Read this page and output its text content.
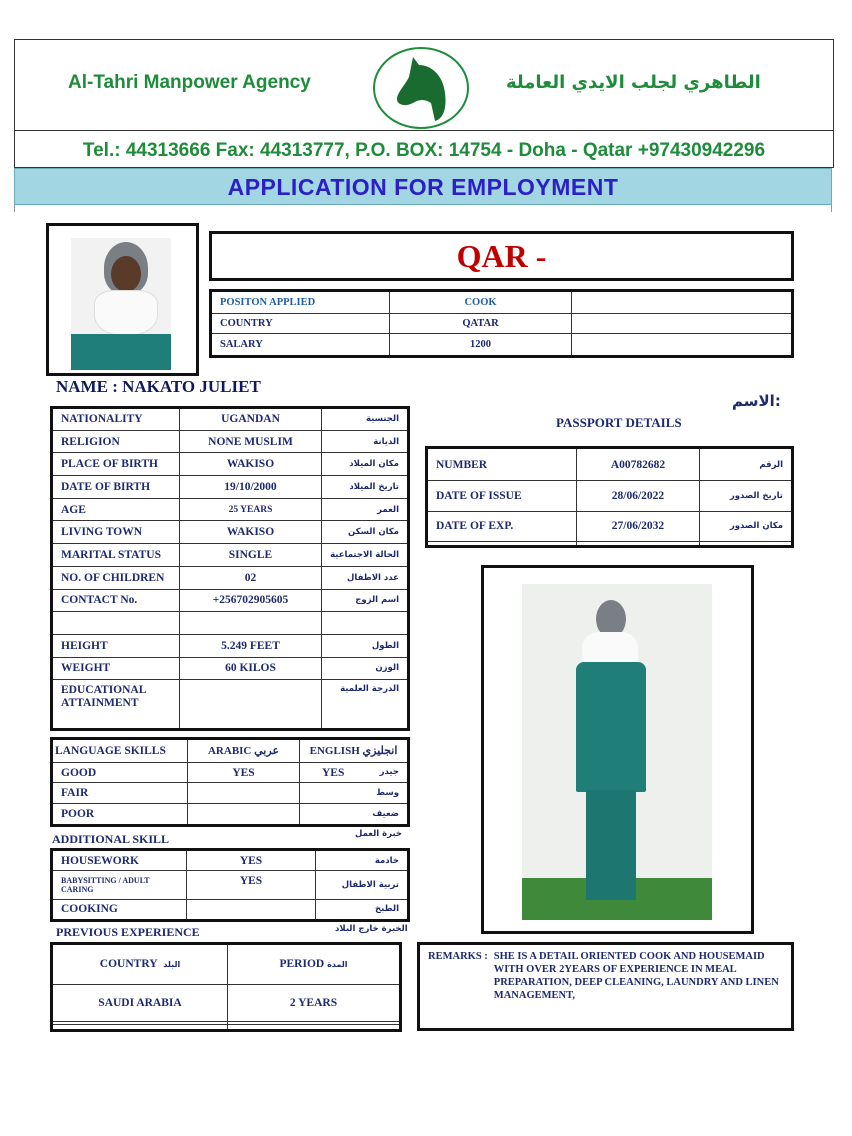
Al-Tahri Manpower Agency	الطاهري لجلب الايدي العاملة
Tel.: 44313666 Fax: 44313777, P.O. BOX: 14754 - Doha - Qatar +97430942296
APPLICATION FOR EMPLOYMENT
QAR -
POSITON APPLIED	COOK	
COUNTRY	QATAR	
SALARY	1200	
NAME : NAKATO JULIET
الاسم:
NATIONALITY	UGANDAN	الجنسية
RELIGION	NONE MUSLIM	الديانة
PLACE OF BIRTH	WAKISO	مكان الميلاد
DATE OF BIRTH	19/10/2000	تاريخ الميلاد
AGE	25 YEARS	العمر
LIVING TOWN	WAKISO	مكان السكن
MARITAL STATUS	SINGLE	الحالة الاجتماعية
NO. OF CHILDREN	02	عدد الاطفال
CONTACT No.	+256702905605	اسم الزوج

HEIGHT	5.249 FEET	الطول
WEIGHT	60 KILOS	الوزن
EDUCATIONAL ATTAINMENT		الدرجة العلمية
LANGUAGE SKILLS	ARABIC عربي	ENGLISH انجليزي
GOOD	YES	YES جيدر
FAIR		وسط
POOR		ضعيف
ADDITIONAL SKILL	خبرة العمل
HOUSEWORK	YES	خادمة
BABYSITTING / ADULT CARING	YES	تربية الاطفال
COOKING		الطبخ
PREVIOUS EXPERIENCE	الخبرة خارج البلاد
COUNTRY البلد	PERIOD المدة
SAUDI ARABIA	2 YEARS

PASSPORT DETAILS
NUMBER	A00782682	الرقم
DATE OF ISSUE	28/06/2022	تاريخ الصدور
DATE OF EXP.	27/06/2032	مكان الصدور

REMARKS : SHE IS A DETAIL ORIENTED COOK AND HOUSEMAID WITH OVER 2YEARS OF EXPERIENCE IN MEAL PREPARATION, DEEP CLEANING, LAUNDRY AND LINEN MANAGEMENT,
